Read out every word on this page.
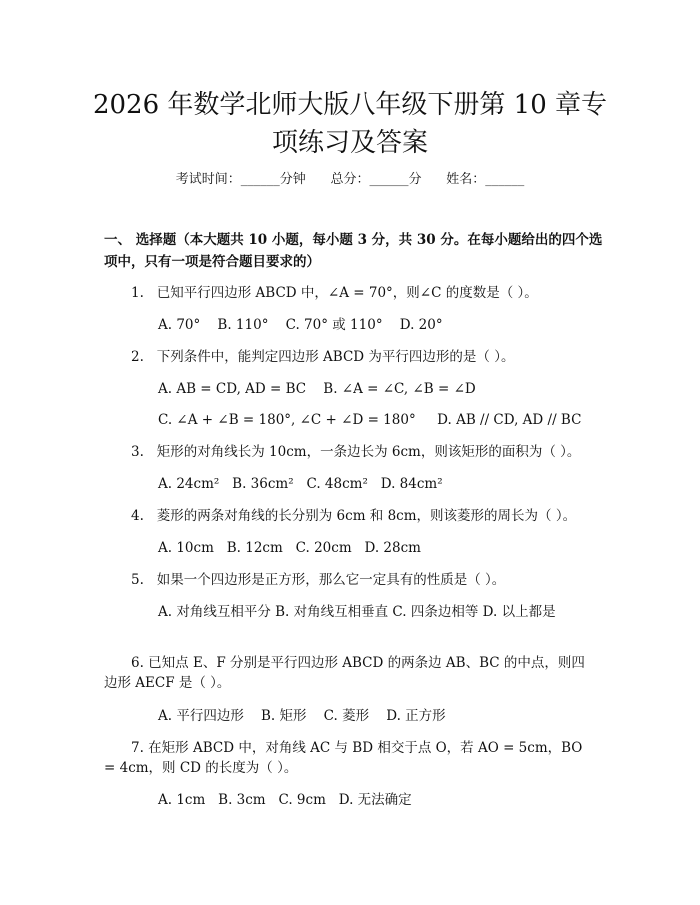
2026 年数学北师大版八年级下册第 10 章专
项练习及答案
考试时间：______分钟      总分：______分      姓名：______
一、 选择题（本大题共 10 小题，每小题 3 分，共 30 分。在每小题给出的四个选项中，只有一项是符合题目要求的）
1.   已知平行四边形 ABCD 中，∠A = 70°，则∠C 的度数是（ ）。
A. 70°    B. 110°    C. 70° 或 110°    D. 20°
2.   下列条件中，能判定四边形 ABCD 为平行四边形的是（ ）。
A. AB = CD, AD = BC    B. ∠A = ∠C, ∠B = ∠D
C. ∠A + ∠B = 180°, ∠C + ∠D = 180°     D. AB // CD, AD // BC
3.   矩形的对角线长为 10cm，一条边长为 6cm，则该矩形的面积为（ ）。
A. 24cm²   B. 36cm²   C. 48cm²   D. 84cm²
4.   菱形的两条对角线的长分别为 6cm 和 8cm，则该菱形的周长为（ ）。
A. 10cm   B. 12cm   C. 20cm   D. 28cm
5.   如果一个四边形是正方形，那么它一定具有的性质是（ ）。
A. 对角线互相平分 B. 对角线互相垂直 C. 四条边相等 D. 以上都是
6. 已知点 E、F 分别是平行四边形 ABCD 的两条边 AB、BC 的中点，则四边形 AECF 是（ ）。
A. 平行四边形    B. 矩形    C. 菱形    D. 正方形
7. 在矩形 ABCD 中，对角线 AC 与 BD 相交于点 O，若 AO = 5cm，BO = 4cm，则 CD 的长度为（ ）。
A. 1cm   B. 3cm   C. 9cm   D. 无法确定
